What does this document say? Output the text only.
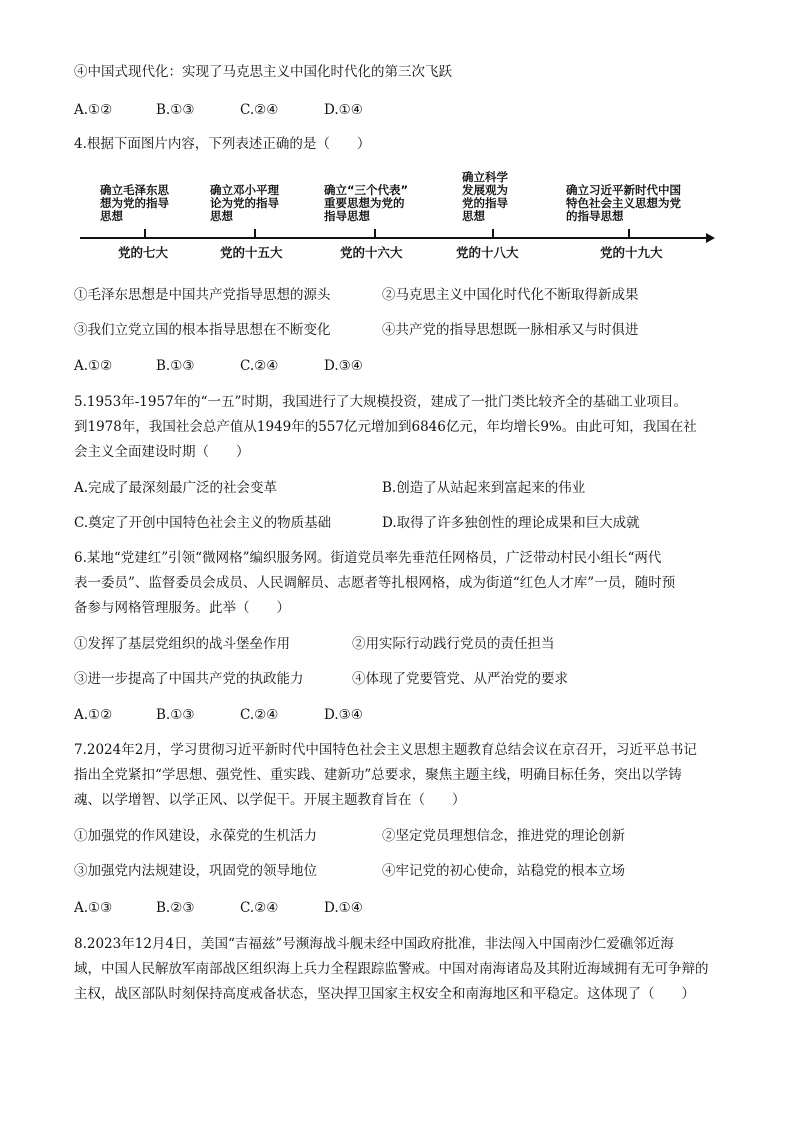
④中国式现代化：实现了马克思主义中国化时代化的第三次飞跃
A.①②	B.①③	C.②④	D.①④
4.根据下面图片内容，下列表述正确的是（　　）
确立毛泽东思
想为党的指导
思想
确立邓小平理
论为党的指导
思想
确立“三个代表”
重要思想为党的
指导思想
确立科学
发展观为
党的指导
思想
确立习近平新时代中国
特色社会主义思想为党
的指导思想
党的七大	党的十五大	党的十六大	党的十八大	党的十九大
①毛泽东思想是中国共产党指导思想的源头	②马克思主义中国化时代化不断取得新成果
③我们立党立国的根本指导思想在不断变化	④共产党的指导思想既一脉相承又与时俱进
A.①②	B.①③	C.②④	D.③④
5.1953年-1957年的“一五”时期，我国进行了大规模投资，建成了一批门类比较齐全的基础工业项目。
到1978年，我国社会总产值从1949年的557亿元增加到6846亿元，年均增长9%。由此可知，我国在社
会主义全面建设时期（　　）
A.完成了最深刻最广泛的社会变革	B.创造了从站起来到富起来的伟业
C.奠定了开创中国特色社会主义的物质基础	D.取得了许多独创性的理论成果和巨大成就
6.某地“党建红”引领“微网格”编织服务网。街道党员率先垂范任网格员，广泛带动村民小组长“两代
表一委员”、监督委员会成员、人民调解员、志愿者等扎根网格，成为街道“红色人才库”一员，随时预
备参与网格管理服务。此举（　　）
①发挥了基层党组织的战斗堡垒作用	②用实际行动践行党员的责任担当
③进一步提高了中国共产党的执政能力	④体现了党要管党、从严治党的要求
A.①②	B.①③	C.②④	D.③④
7.2024年2月，学习贯彻习近平新时代中国特色社会主义思想主题教育总结会议在京召开，习近平总书记
指出全党紧扣“学思想、强党性、重实践、建新功”总要求，聚焦主题主线，明确目标任务，突出以学铸
魂、以学增智、以学正风、以学促干。开展主题教育旨在（　　）
①加强党的作风建设，永葆党的生机活力	②坚定党员理想信念，推进党的理论创新
③加强党内法规建设，巩固党的领导地位	④牢记党的初心使命，站稳党的根本立场
A.①③	B.②③	C.②④	D.①④
8.2023年12月4日，美国“吉福兹”号濒海战斗舰未经中国政府批准，非法闯入中国南沙仁爱礁邻近海
域，中国人民解放军南部战区组织海上兵力全程跟踪监警戒。中国对南海诸岛及其附近海域拥有无可争辩的
主权，战区部队时刻保持高度戒备状态，坚决捍卫国家主权安全和南海地区和平稳定。这体现了（　　）
